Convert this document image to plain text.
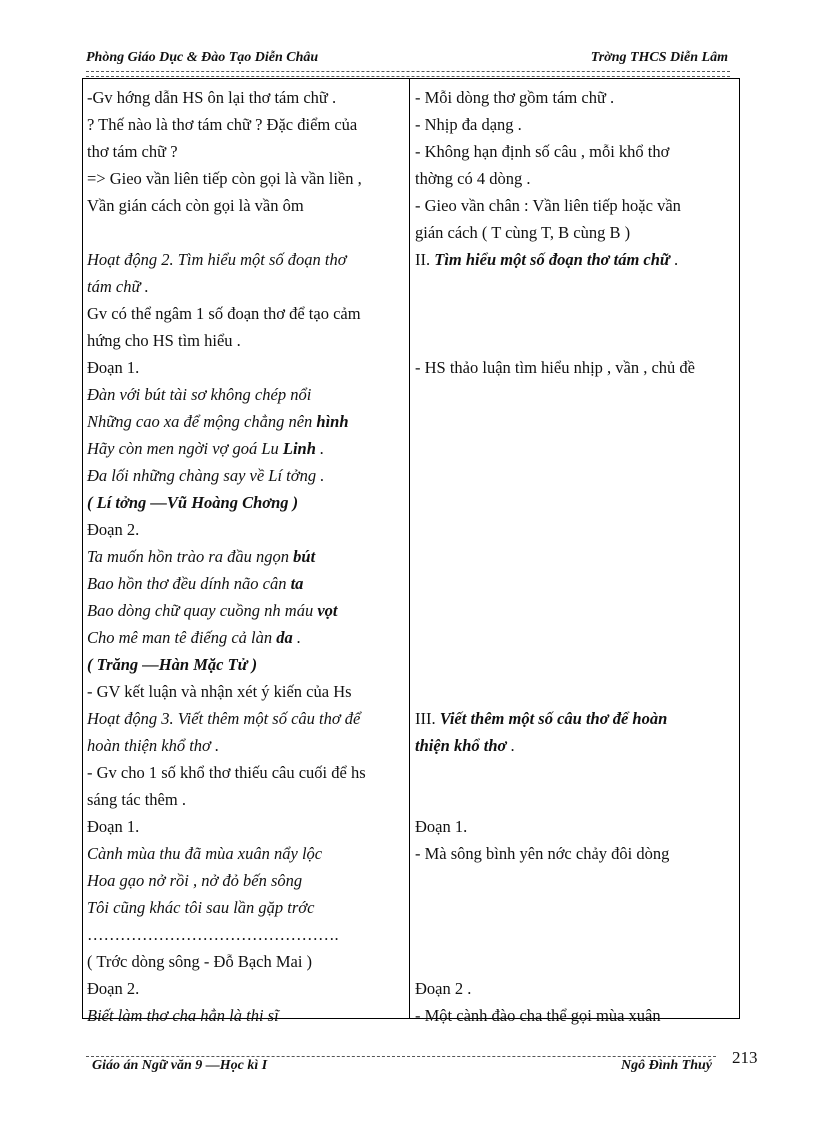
Phòng Giáo Dục & Đào Tạo Diễn Châu	Trờng THCS Diễn Lâm
-Gv hớng dẫn HS ôn lại thơ tám chữ .
? Thế nào là thơ tám chữ ? Đặc điểm của
thơ tám chữ ?
=> Gieo vần liên tiếp còn gọi là vần liền ,
Vần gián cách còn gọi là vần ôm
Hoạt động 2. Tìm hiểu một số đoạn thơ
tám chữ .
Gv có thể ngâm 1 số đoạn thơ để tạo cảm
hứng cho HS tìm hiểu .
Đoạn 1.
Đàn với bút tài sơ không chép nổi
Những cao xa để mộng chẳng nên hình
Hãy còn men ngời vợ goá Lu Linh .
Đa lối những chàng say về Lí tởng .
( Lí tởng —Vũ Hoàng Chơng )
Đoạn 2.
Ta muốn hồn trào ra đầu ngọn bút
Bao hồn thơ đều dính não cân ta
Bao dòng chữ quay cuồng nh máu vọt
Cho mê man tê điếng cả làn da .
( Trăng —Hàn Mặc Tử )
- GV kết luận và nhận xét ý kiến của Hs
Hoạt động 3. Viết thêm một số câu thơ để
hoàn thiện khổ thơ .
- Gv cho 1 số khổ thơ thiếu câu cuối để hs
sáng tác thêm .
Đoạn 1.
Cành mùa thu đã mùa xuân nẩy lộc
Hoa gạo nở rồi , nở đỏ bến sông
Tôi cũng khác tôi sau lần gặp trớc
……………………………………….
( Trớc dòng sông - Đỗ Bạch Mai )
Đoạn 2.
Biết làm thơ cha hẳn là thi sĩ
- Mỗi dòng thơ gồm tám chữ .
- Nhịp đa dạng .
- Không hạn định số câu , mỗi khổ thơ
thờng có 4 dòng .
- Gieo vần chân : Vần liên tiếp hoặc vần
gián cách ( T cùng T, B cùng B )
II. Tìm hiểu một số đoạn thơ tám chữ .
- HS thảo luận tìm hiểu nhịp , vần , chủ đề
III. Viết thêm một số câu thơ để hoàn
thiện khổ thơ .
Đoạn 1.
- Mà sông bình yên nớc chảy đôi dòng
Đoạn 2 .
- Một cành đào cha thể gọi mùa xuân
Giáo án Ngữ văn 9 —Học kì I	Ngô Đình Thuý 213
